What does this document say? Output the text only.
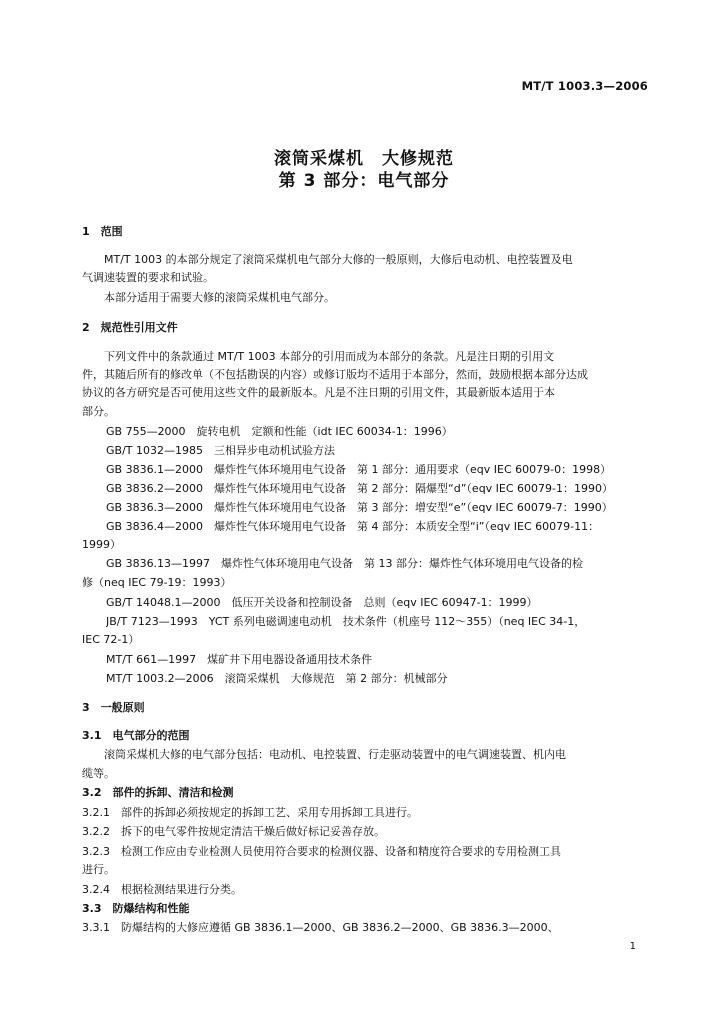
MT/T 1003.3—2006
滚筒采煤机　大修规范
第 3 部分：电气部分
1　范围
MT/T 1003 的本部分规定了滚筒采煤机电气部分大修的一般原则，大修后电动机、电控装置及电
气调速装置的要求和试验。
本部分适用于需要大修的滚筒采煤机电气部分。
2　规范性引用文件
下列文件中的条款通过 MT/T 1003 本部分的引用而成为本部分的条款。凡是注日期的引用文
件，其随后所有的修改单（不包括勘误的内容）或修订版均不适用于本部分，然而，鼓励根据本部分达成
协议的各方研究是否可使用这些文件的最新版本。凡是不注日期的引用文件，其最新版本适用于本
部分。
GB 755—2000　旋转电机　定额和性能（idt IEC 60034-1：1996）
GB/T 1032—1985　三相异步电动机试验方法
GB 3836.1—2000　爆炸性气体环境用电气设备　第 1 部分：通用要求（eqv IEC 60079-0：1998）
GB 3836.2—2000　爆炸性气体环境用电气设备　第 2 部分：隔爆型“d”（eqv IEC 60079-1：1990）
GB 3836.3—2000　爆炸性气体环境用电气设备　第 3 部分：增安型“e”（eqv IEC 60079-7：1990）
GB 3836.4—2000　爆炸性气体环境用电气设备　第 4 部分：本质安全型“i”（eqv IEC 60079-11：
1999）
GB 3836.13—1997　爆炸性气体环境用电气设备　第 13 部分：爆炸性气体环境用电气设备的检
修（neq IEC 79-19：1993）
GB/T 14048.1—2000　低压开关设备和控制设备　总则（eqv IEC 60947-1：1999）
JB/T 7123—1993　YCT 系列电磁调速电动机　技术条件（机座号 112～355）（neq IEC 34-1，
IEC 72-1）
MT/T 661—1997　煤矿井下用电器设备通用技术条件
MT/T 1003.2—2006　滚筒采煤机　大修规范　第 2 部分：机械部分
3　一般原则
3.1　电气部分的范围
滚筒采煤机大修的电气部分包括：电动机、电控装置、行走驱动装置中的电气调速装置、机内电
缆等。
3.2　部件的拆卸、清洁和检测
3.2.1　部件的拆卸必须按规定的拆卸工艺、采用专用拆卸工具进行。
3.2.2　拆下的电气零件按规定清洁干燥后做好标记妥善存放。
3.2.3　检测工作应由专业检测人员使用符合要求的检测仪器、设备和精度符合要求的专用检测工具
进行。
3.2.4　根据检测结果进行分类。
3.3　防爆结构和性能
3.3.1　防爆结构的大修应遵循 GB 3836.1—2000、GB 3836.2—2000、GB 3836.3—2000、
1
